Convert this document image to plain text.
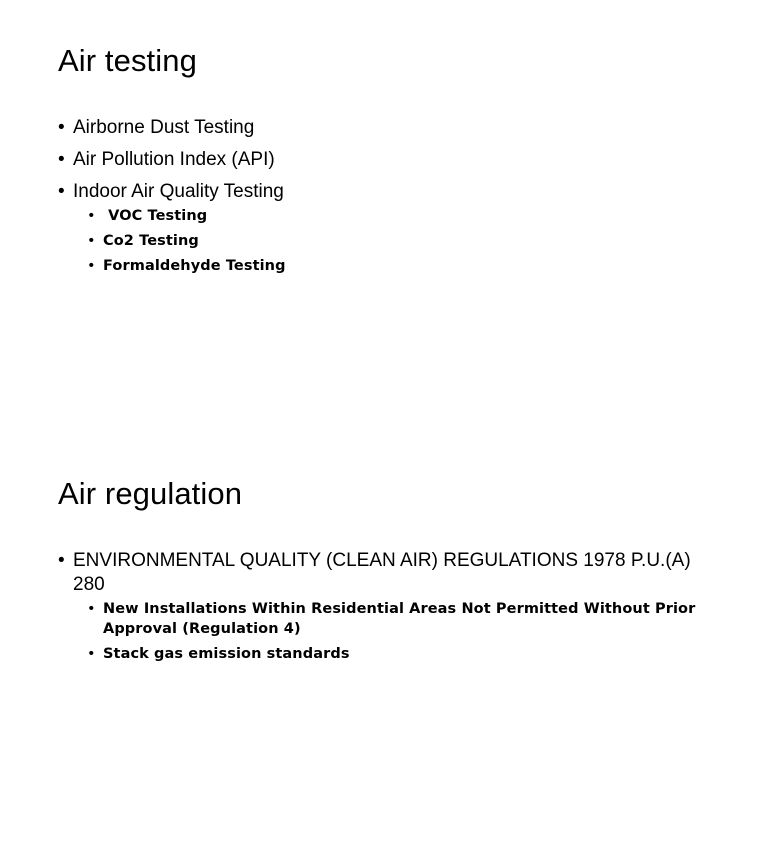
Air testing
• Airborne Dust Testing
• Air Pollution Index (API)
• Indoor Air Quality Testing
•  VOC Testing
• Co2 Testing
• Formaldehyde Testing
Air regulation
• ENVIRONMENTAL QUALITY (CLEAN AIR) REGULATIONS 1978 P.U.(A) 280
• New Installations Within Residential Areas Not Permitted Without Prior Approval (Regulation 4)
• Stack gas emission standards
